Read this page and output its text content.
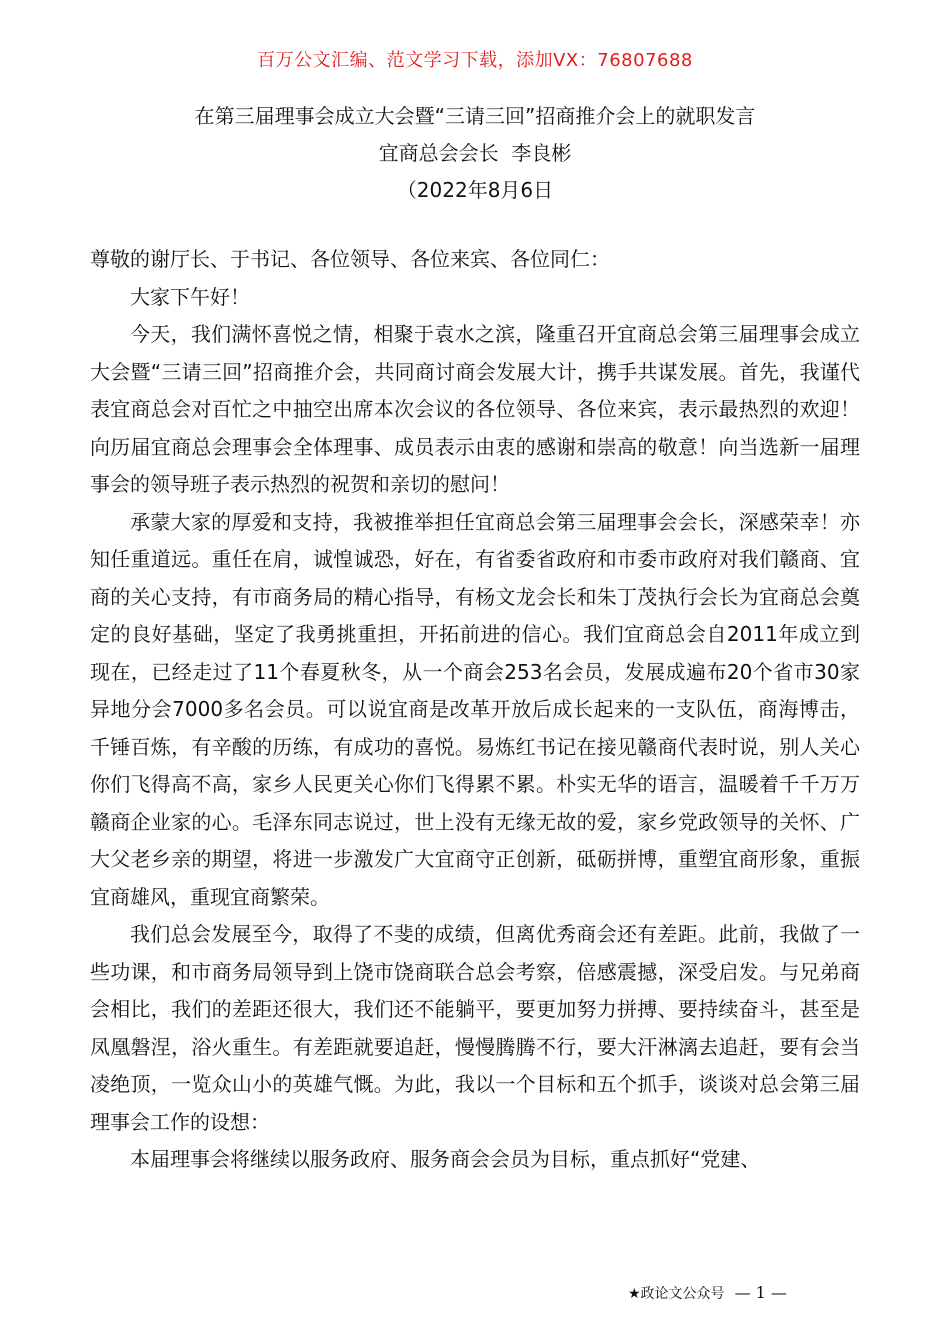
百万公文汇编、范文学习下载，添加VX：76807688
在第三届理事会成立大会暨“三请三回”招商推介会上的就职发言
宜商总会会长  李良彬
（2022年8月6日

尊敬的谢厅长、于书记、各位领导、各位来宾、各位同仁：

大家下午好！

今天，我们满怀喜悦之情，相聚于袁水之滨，隆重召开宜商总会第三届理事会成立大会暨“三请三回”招商推介会，共同商讨商会发展大计，携手共谋发展。首先，我谨代表宜商总会对百忙之中抽空出席本次会议的各位领导、各位来宾，表示最热烈的欢迎！向历届宜商总会理事会全体理事、成员表示由衷的感谢和崇高的敬意！向当选新一届理事会的领导班子表示热烈的祝贺和亲切的慰问！

承蒙大家的厚爱和支持，我被推举担任宜商总会第三届理事会会长，深感荣幸！亦知任重道远。重任在肩，诚惶诚恐，好在，有省委省政府和市委市政府对我们赣商、宜商的关心支持，有市商务局的精心指导，有杨文龙会长和朱丁茂执行会长为宜商总会奠定的良好基础，坚定了我勇挑重担，开拓前进的信心。我们宜商总会自2011年成立到现在，已经走过了11个春夏秋冬，从一个商会253名会员，发展成遍布20个省市30家异地分会7000多名会员。可以说宜商是改革开放后成长起来的一支队伍，商海博击，千锤百炼，有辛酸的历练，有成功的喜悦。易炼红书记在接见赣商代表时说，别人关心你们飞得高不高，家乡人民更关心你们飞得累不累。朴实无华的语言，温暖着千千万万赣商企业家的心。毛泽东同志说过，世上没有无缘无故的爱，家乡党政领导的关怀、广大父老乡亲的期望，将进一步激发广大宜商守正创新，砥砺拼博，重塑宜商形象，重振宜商雄风，重现宜商繁荣。

我们总会发展至今，取得了不斐的成绩，但离优秀商会还有差距。此前，我做了一些功课，和市商务局领导到上饶市饶商联合总会考察，倍感震撼，深受启发。与兄弟商会相比，我们的差距还很大，我们还不能躺平，要更加努力拼搏、要持续奋斗，甚至是凤凰磐涅，浴火重生。有差距就要追赶，慢慢腾腾不行，要大汗淋漓去追赶，要有会当凌绝顶，一览众山小的英雄气慨。为此，我以一个目标和五个抓手，谈谈对总会第三届理事会工作的设想：

本届理事会将继续以服务政府、服务商会会员为目标，重点抓好“党建、

★政论文公众号 — 1 —
